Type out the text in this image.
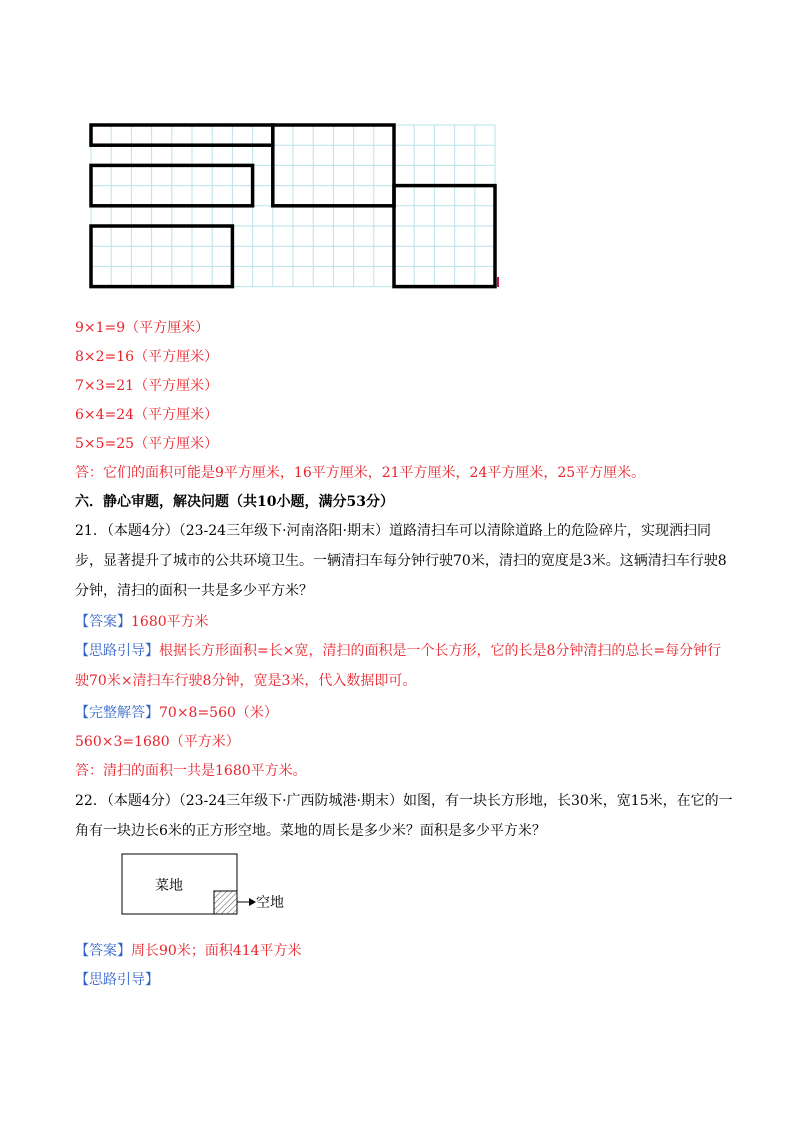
9×1=9（平方厘米）
8×2=16（平方厘米）
7×3=21（平方厘米）
6×4=24（平方厘米）
5×5=25（平方厘米）
答：它们的面积可能是9平方厘米，16平方厘米，21平方厘米，24平方厘米，25平方厘米。
六．静心审题，解决问题（共10小题，满分53分）
21．（本题4分）（23-24三年级下·河南洛阳·期末）道路清扫车可以清除道路上的危险碎片，实现洒扫同步，显著提升了城市的公共环境卫生。一辆清扫车每分钟行驶70米，清扫的宽度是3米。这辆清扫车行驶8分钟，清扫的面积一共是多少平方米？
【答案】1680平方米
【思路引导】根据长方形面积=长×宽，清扫的面积是一个长方形，它的长是8分钟清扫的总长=每分钟行驶70米×清扫车行驶8分钟，宽是3米，代入数据即可。
【完整解答】70×8=560（米）
560×3=1680（平方米）
答：清扫的面积一共是1680平方米。
22．（本题4分）（23-24三年级下·广西防城港·期末）如图，有一块长方形地，长30米，宽15米，在它的一角有一块边长6米的正方形空地。菜地的周长是多少米？面积是多少平方米？
菜地
空地
【答案】周长90米；面积414平方米
【思路引导】
